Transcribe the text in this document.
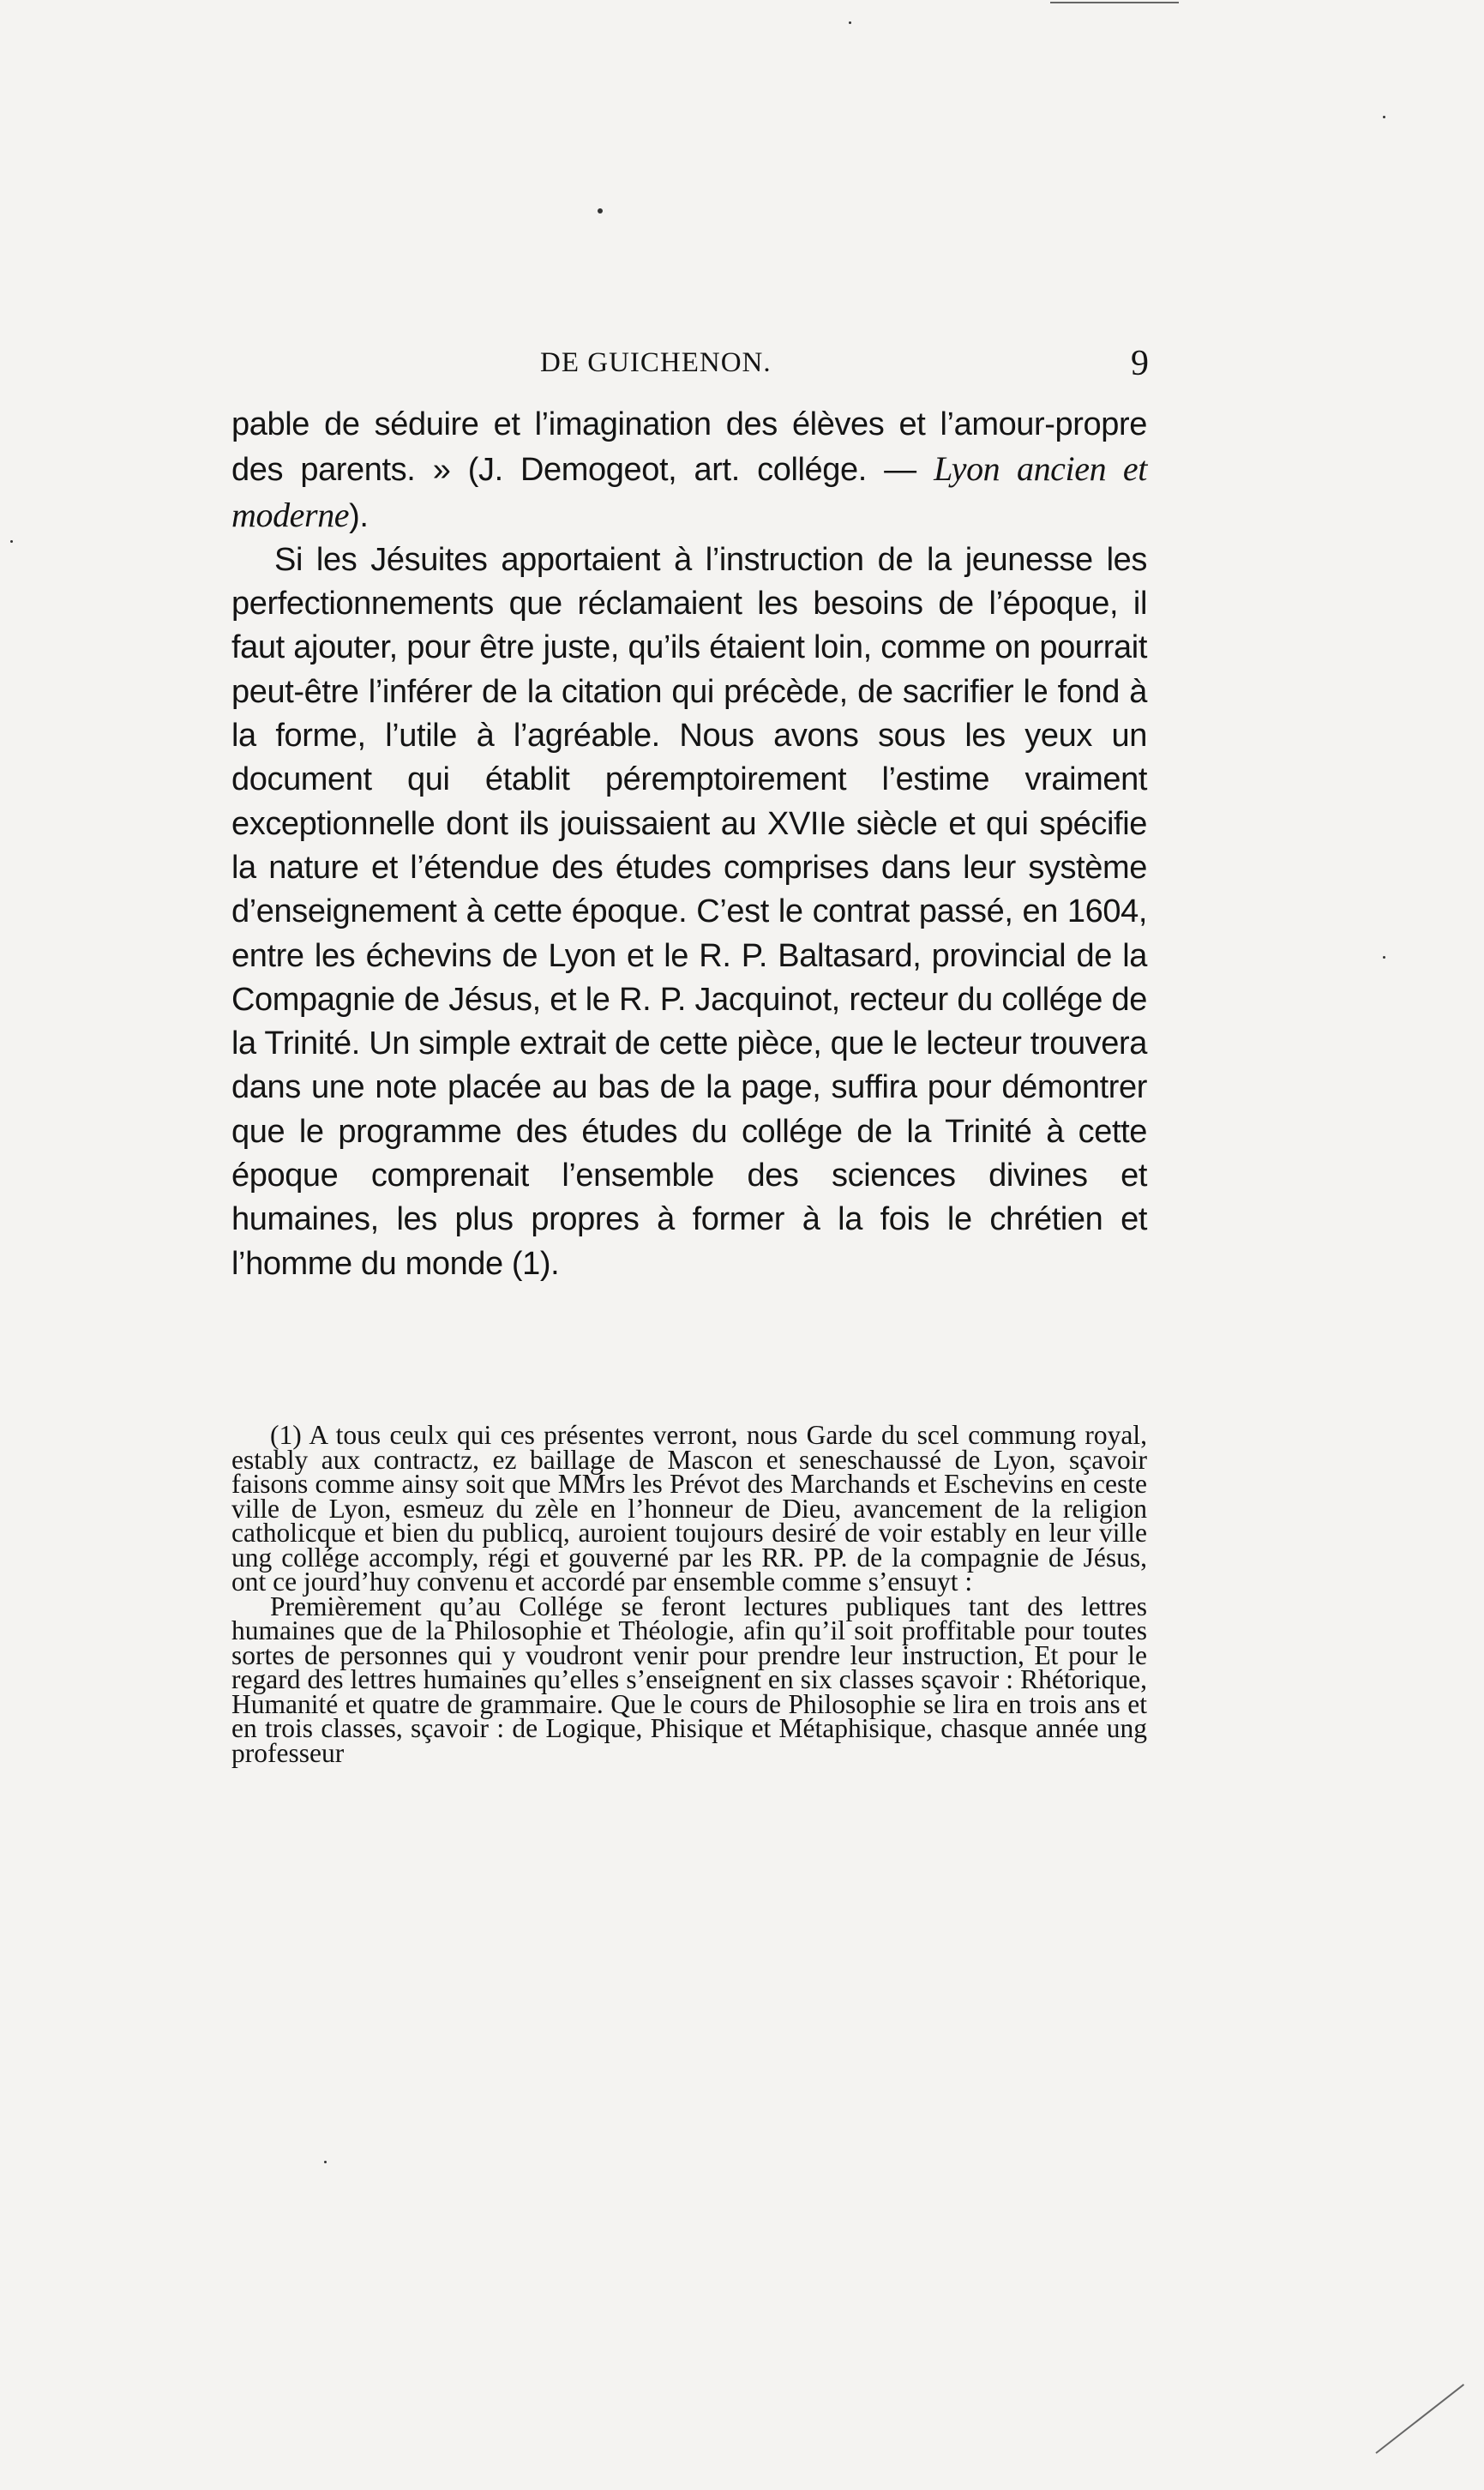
DE GUICHENON.	9

pable de séduire et l’imagination des élèves et l’amour-propre des parents. » (J. Demogeot, art. collége. — Lyon ancien et moderne).

Si les Jésuites apportaient à l’instruction de la jeunesse les perfectionnements que réclamaient les besoins de l’époque, il faut ajouter, pour être juste, qu’ils étaient loin, comme on pourrait peut-être l’inférer de la citation qui précède, de sacrifier le fond à la forme, l’utile à l’agréable. Nous avons sous les yeux un document qui établit péremptoirement l’estime vraiment exceptionnelle dont ils jouissaient au XVIIe siècle et qui spécifie la nature et l’étendue des études comprises dans leur système d’enseignement à cette époque. C’est le contrat passé, en 1604, entre les échevins de Lyon et le R. P. Baltasard, provincial de la Compagnie de Jésus, et le R. P. Jacquinot, recteur du collége de la Trinité. Un simple extrait de cette pièce, que le lecteur trouvera dans une note placée au bas de la page, suffira pour démontrer que le programme des études du collége de la Trinité à cette époque comprenait l’ensemble des sciences divines et humaines, les plus propres à former à la fois le chrétien et l’homme du monde (1).

(1) A tous ceulx qui ces présentes verront, nous Garde du scel commung royal, estably aux contractz, ez baillage de Mascon et seneschaussé de Lyon, sçavoir faisons comme ainsy soit que MMrs les Prévot des Marchands et Eschevins en ceste ville de Lyon, esmeuz du zèle en l’honneur de Dieu, avancement de la religion catholicque et bien du publicq, auroient toujours desiré de voir estably en leur ville ung collége accomply, régi et gouverné par les RR. PP. de la compagnie de Jésus, ont ce jourd’huy convenu et accordé par ensemble comme s’ensuyt :

Premièrement qu’au Collége se feront lectures publiques tant des lettres humaines que de la Philosophie et Théologie, afin qu’il soit proffitable pour toutes sortes de personnes qui y voudront venir pour prendre leur instruction, Et pour le regard des lettres humaines qu’elles s’enseignent en six classes sçavoir : Rhétorique, Humanité et quatre de grammaire. Que le cours de Philosophie se lira en trois ans et en trois classes, sçavoir : de Logique, Phisique et Métaphisique, chasque année ung professeur
